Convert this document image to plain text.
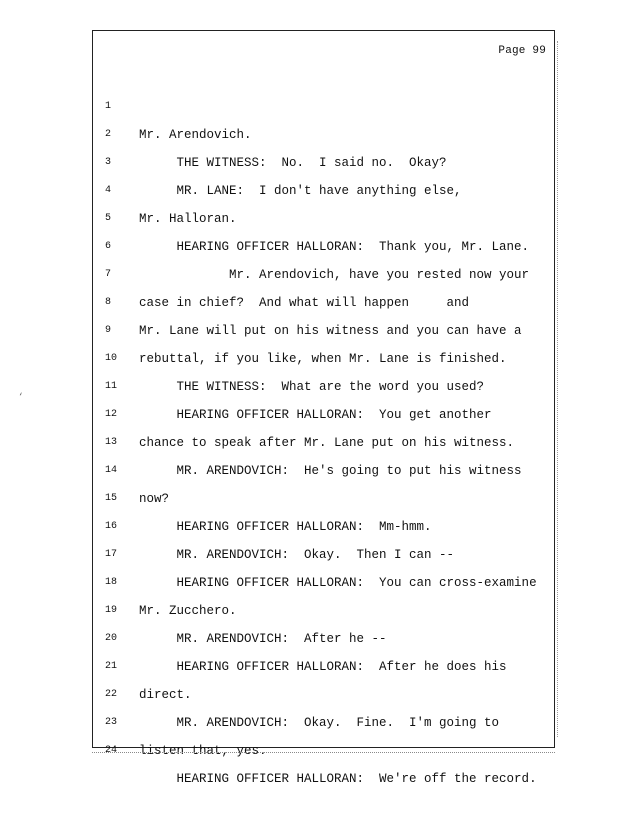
Page 99

1

Mr. Arendovich.

2

THE WITNESS:  No.  I said no.  Okay?

3

MR. LANE:  I don't have anything else,

4

Mr. Halloran.

5

HEARING OFFICER HALLORAN:  Thank you, Mr. Lane.

6

Mr. Arendovich, have you rested now your

7

case in chief?  And what will happen     and

8

Mr. Lane will put on his witness and you can have a

9

rebuttal, if you like, when Mr. Lane is finished.

10

THE WITNESS:  What are the word you used?

11

HEARING OFFICER HALLORAN:  You get another

12

chance to speak after Mr. Lane put on his witness.

13

MR. ARENDOVICH:  He's going to put his witness

14

now?

15

HEARING OFFICER HALLORAN:  Mm-hmm.

16

MR. ARENDOVICH:  Okay.  Then I can --

17

HEARING OFFICER HALLORAN:  You can cross-examine

18

Mr. Zucchero.

19

MR. ARENDOVICH:  After he --

20

HEARING OFFICER HALLORAN:  After he does his

21

direct.

22

MR. ARENDOVICH:  Okay.  Fine.  I'm going to

23

listen that, yes.

24

HEARING OFFICER HALLORAN:  We're off the record.

‘
